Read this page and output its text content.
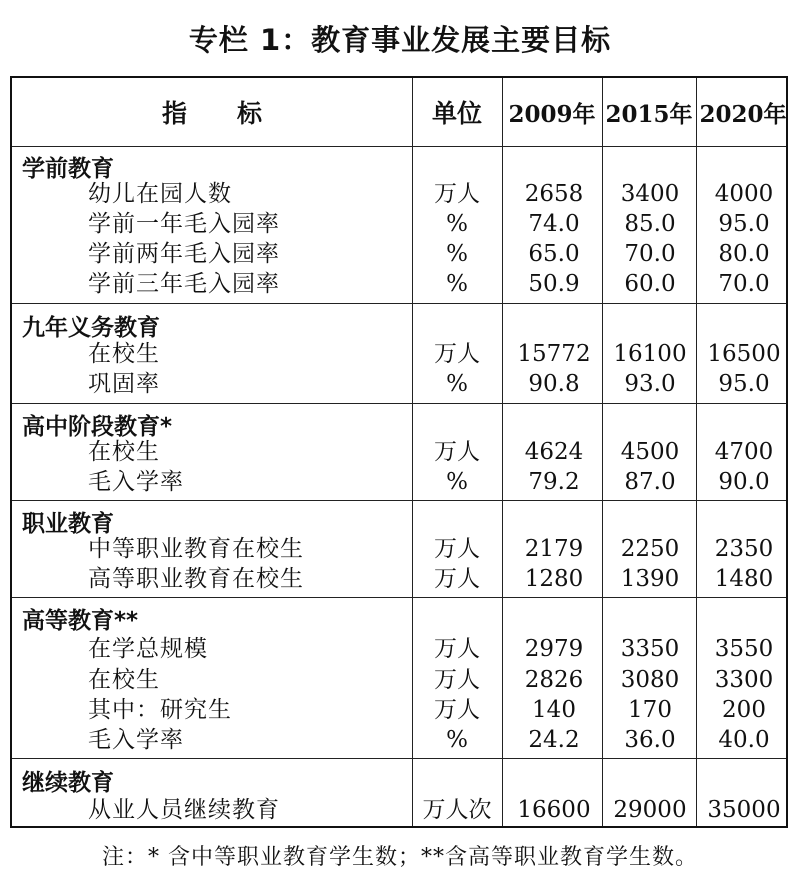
专栏 1：教育事业发展主要目标
指　　标	单位	2009年 2015年 2020年
学前教育
幼儿在园人数	万人	2658	3400	4000
学前一年毛入园率	%	74.0	85.0	95.0
学前两年毛入园率	%	65.0	70.0	80.0
学前三年毛入园率	%	50.9	60.0	70.0
九年义务教育
在校生	万人	15772 16100 16500
巩固率	%	90.8	93.0	95.0
高中阶段教育*
在校生	万人	4624	4500	4700
毛入学率	%	79.2	87.0	90.0
职业教育
中等职业教育在校生	万人	2179	2250	2350
高等职业教育在校生	万人	1280	1390	1480
高等教育**
在学总规模	万人	2979	3350	3550
在校生	万人	2826	3080	3300
其中：研究生	万人	140	170	200
毛入学率	%	24.2	36.0	40.0
继续教育
从业人员继续教育	万人次	16600 29000 35000
注：* 含中等职业教育学生数；**含高等职业教育学生数。
